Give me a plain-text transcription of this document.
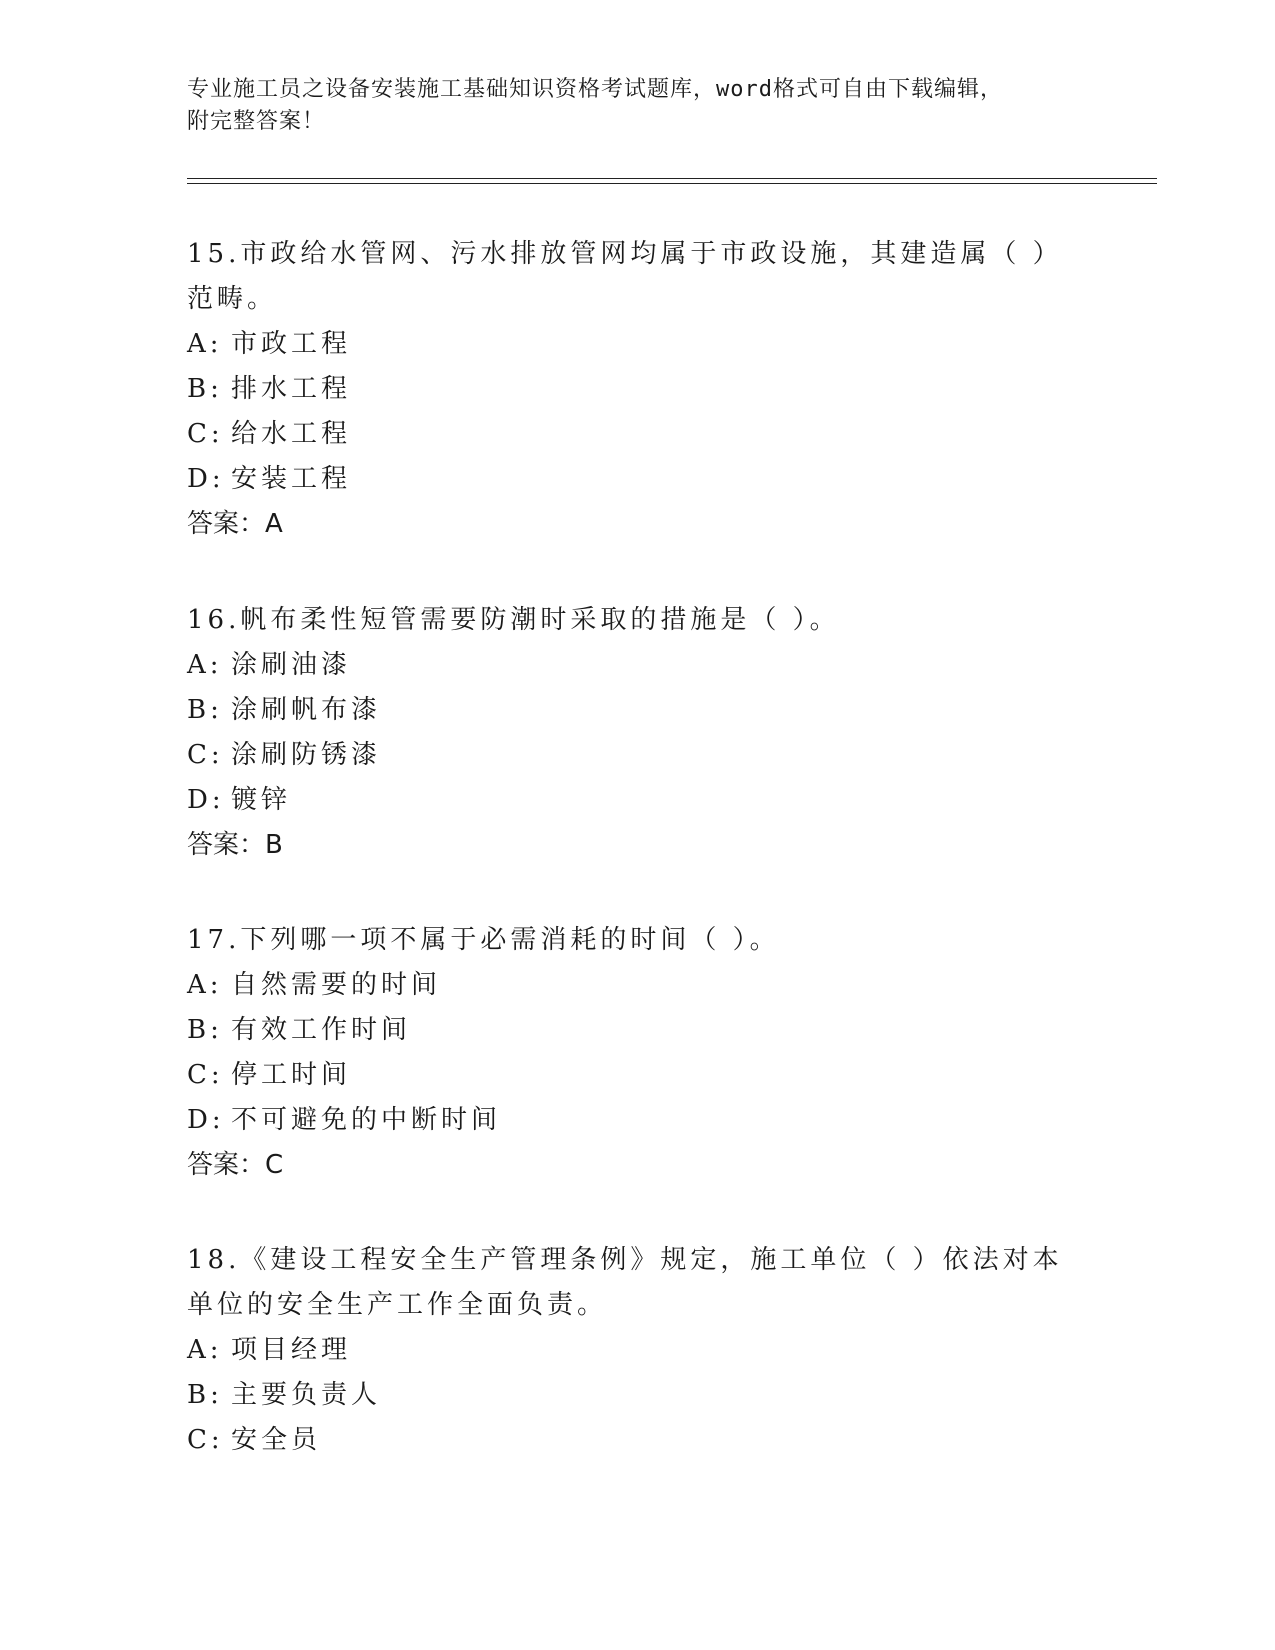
专业施工员之设备安装施工基础知识资格考试题库，word格式可自由下载编辑，
附完整答案！

15.市政给水管网、污水排放管网均属于市政设施，其建造属（ ）范畴。

A: 市政工程

B: 排水工程

C: 给水工程

D: 安装工程

答案：A

16.帆布柔性短管需要防潮时采取的措施是（ ）。

A: 涂刷油漆

B: 涂刷帆布漆

C: 涂刷防锈漆

D: 镀锌

答案：B

17.下列哪一项不属于必需消耗的时间（ ）。

A: 自然需要的时间

B: 有效工作时间

C: 停工时间

D: 不可避免的中断时间

答案：C

18.《建设工程安全生产管理条例》规定，施工单位（ ）依法对本单位的安全生产工作全面负责。

A: 项目经理

B: 主要负责人

C: 安全员
